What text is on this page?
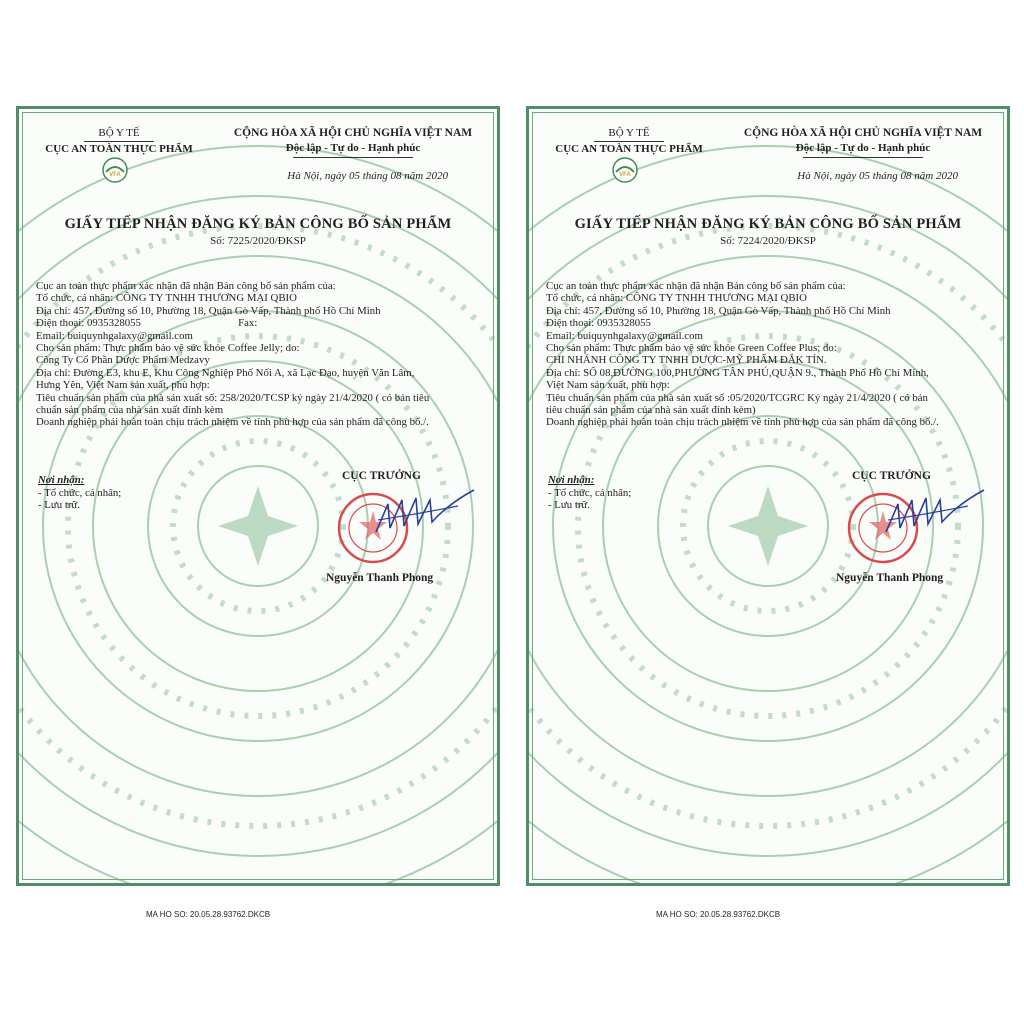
BỘ Y TẾ
CỤC AN TOÀN THỰC PHẨM
VFA
CỘNG HÒA XÃ HỘI CHỦ NGHĨA VIỆT NAM
Độc lập - Tự do - Hạnh phúc
Hà Nội, ngày 05 tháng 08 năm 2020
GIẤY TIẾP NHẬN ĐĂNG KÝ BẢN CÔNG BỐ SẢN PHẨM
Số: 7225/2020/ĐKSP
Cục an toàn thực phẩm xác nhận đã nhận Bản công bố sản phẩm của:
Tổ chức, cá nhân: CÔNG TY TNHH THƯƠNG MẠI QBIO
Địa chỉ: 457, Đường số 10, Phường 18, Quận Gò Vấp, Thành phố Hồ Chí Minh
Điện thoại: 0935328055                                    Fax:
Email: buiquynhgalaxy@gmail.com
Cho sản phẩm: Thực phẩm bảo vệ sức khỏe Coffee Jelly; do:
Công Ty Cổ Phần Dược Phẩm Medzavy
Địa chỉ: Đường E3, khu E, Khu Công Nghiệp Phố Nối A, xã Lạc Đạo, huyện Văn Lâm,
Hưng Yên, Việt Nam sản xuất, phù hợp:
Tiêu chuẩn sản phẩm của nhà sản xuất số: 258/2020/TCSP ký ngày 21/4/2020 ( có bản tiêu
chuẩn sản phẩm của nhà sản xuất đính kèm
Doanh nghiệp phải hoàn toàn chịu trách nhiệm về tính phù hợp của sản phẩm đã công bố./.
Nơi nhận:
- Tổ chức, cá nhân;
- Lưu trữ.
CỤC TRƯỞNG
Nguyễn Thanh Phong
MA HO SO: 20.05.28.93762.DKCB
BỘ Y TẾ
CỤC AN TOÀN THỰC PHẨM
VFA
CỘNG HÒA XÃ HỘI CHỦ NGHĨA VIỆT NAM
Độc lập - Tự do - Hạnh phúc
Hà Nội, ngày 05 tháng 08 năm 2020
GIẤY TIẾP NHẬN ĐĂNG KÝ BẢN CÔNG BỐ SẢN PHẨM
Số: 7224/2020/ĐKSP
Cục an toàn thực phẩm xác nhận đã nhận Bản công bố sản phẩm của:
Tổ chức, cá nhân: CÔNG TY TNHH THƯƠNG MẠI QBIO
Địa chỉ: 457, Đường số 10, Phường 18, Quận Gò Vấp, Thành phố Hồ Chí Minh
Điện thoại: 0935328055
Email: buiquynhgalaxy@gmail.com
Cho sản phẩm: Thực phẩm bảo vệ sức khỏe Green Coffee Plus; do:
CHI NHÁNH CÔNG TY TNHH DƯỢC-MỸ PHẨM ĐẮK TÍN.
Địa chỉ: SỐ 08,ĐƯỜNG 100,PHƯỜNG TÂN PHÚ,QUẬN 9., Thành Phố Hồ Chí Minh,
Việt Nam sản xuất, phù hợp:
Tiêu chuẩn sản phẩm của nhà sản xuất số :05/2020/TCGRC Ký ngày 21/4/2020 ( có bản
tiêu chuẩn sản phẩm của nhà sản xuất đính kèm)
Doanh nghiệp phải hoàn toàn chịu trách nhiệm về tính phù hợp của sản phẩm đã công bố./.
Nơi nhận:
- Tổ chức, cá nhân;
- Lưu trữ.
CỤC TRƯỞNG
Nguyễn Thanh Phong
MA HO SO: 20.05.28.93762.DKCB
